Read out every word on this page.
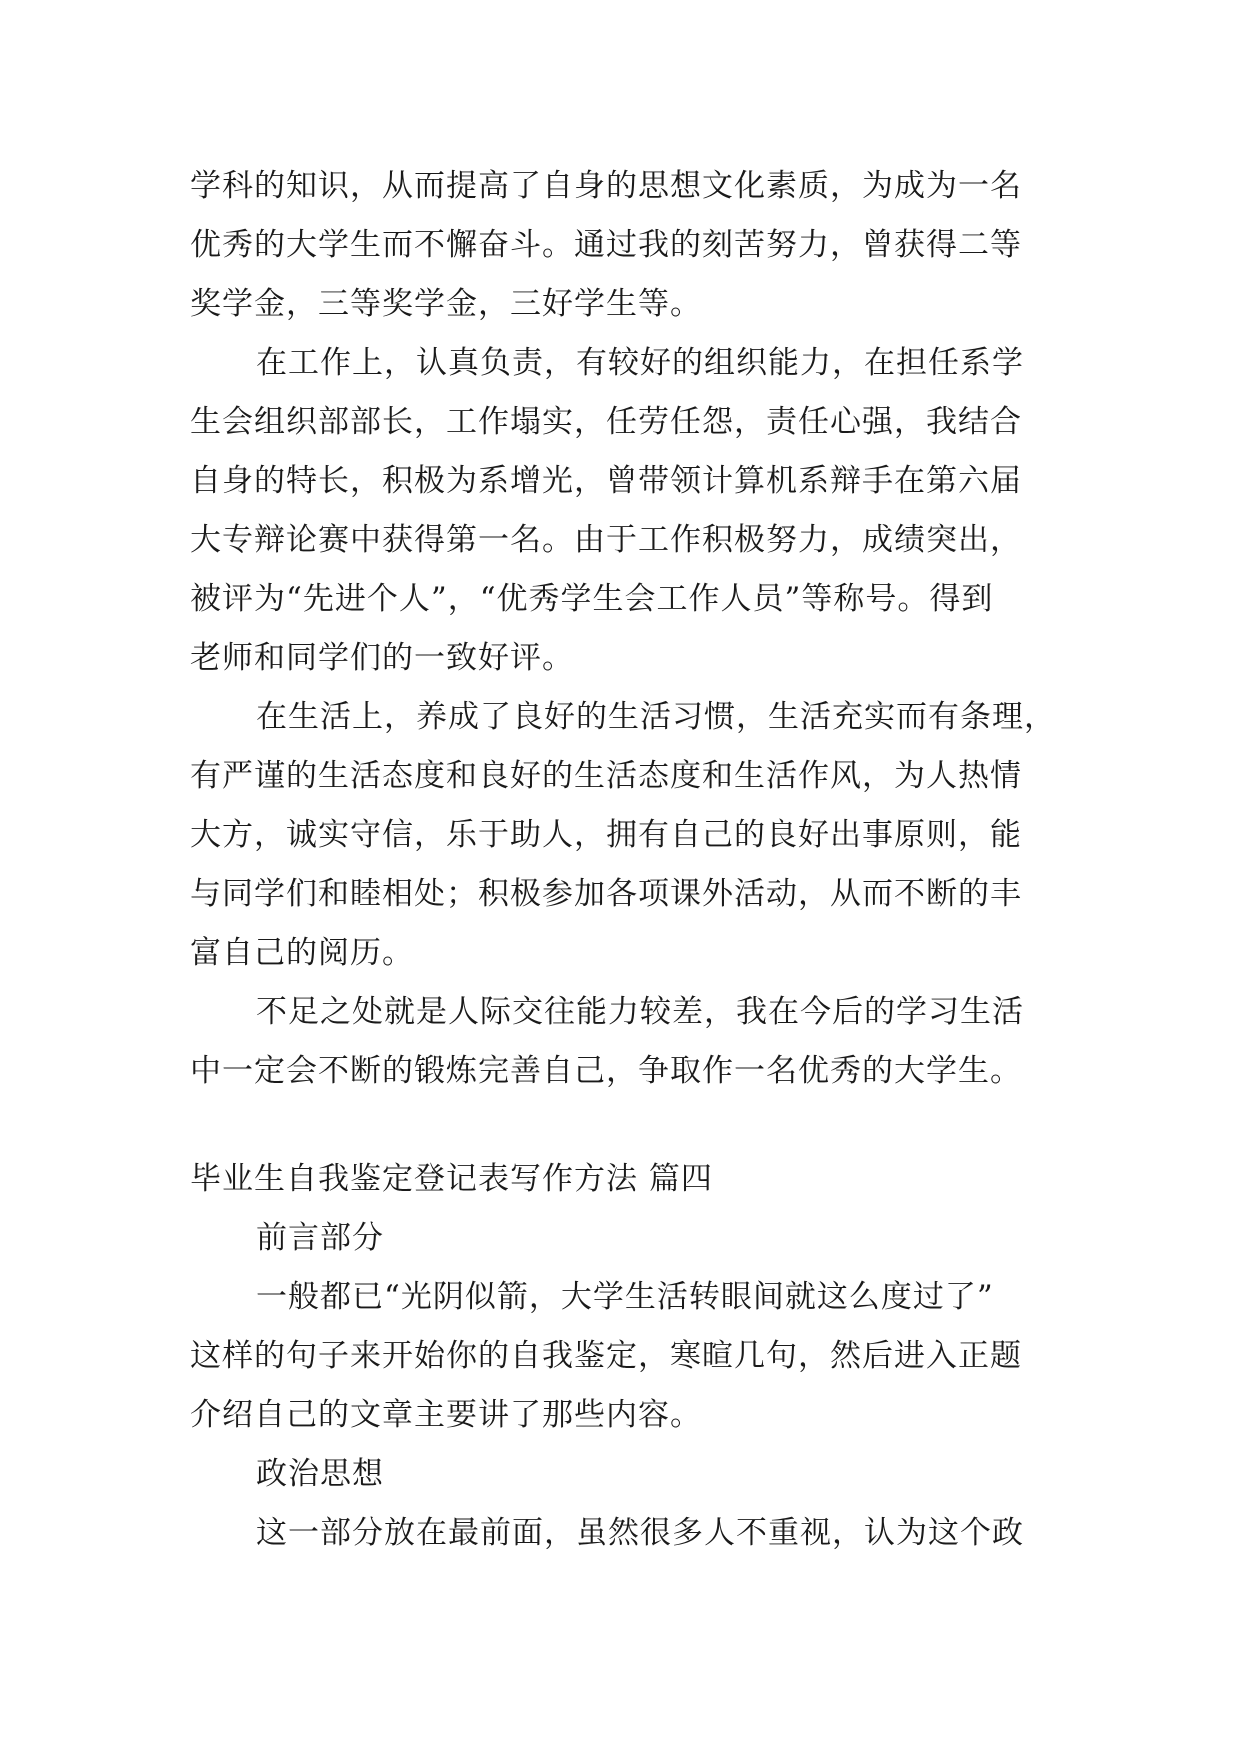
学科的知识，从而提高了自身的思想文化素质，为成为一名
优秀的大学生而不懈奋斗。通过我的刻苦努力，曾获得二等
奖学金，三等奖学金，三好学生等。
在工作上，认真负责，有较好的组织能力，在担任系学
生会组织部部长，工作塌实，任劳任怨，责任心强，我结合
自身的特长，积极为系增光，曾带领计算机系辩手在第六届
大专辩论赛中获得第一名。由于工作积极努力，成绩突出，
被评为“先进个人”，“优秀学生会工作人员”等称号。得到
老师和同学们的一致好评。
在生活上，养成了良好的生活习惯，生活充实而有条理，
有严谨的生活态度和良好的生活态度和生活作风，为人热情
大方，诚实守信，乐于助人，拥有自己的良好出事原则，能
与同学们和睦相处；积极参加各项课外活动，从而不断的丰
富自己的阅历。
不足之处就是人际交往能力较差，我在今后的学习生活
中一定会不断的锻炼完善自己，争取作一名优秀的大学生。
毕业生自我鉴定登记表写作方法 篇四
前言部分
一般都已“光阴似箭，大学生活转眼间就这么度过了”
这样的句子来开始你的自我鉴定，寒暄几句，然后进入正题
介绍自己的文章主要讲了那些内容。
政治思想
这一部分放在最前面，虽然很多人不重视，认为这个政
